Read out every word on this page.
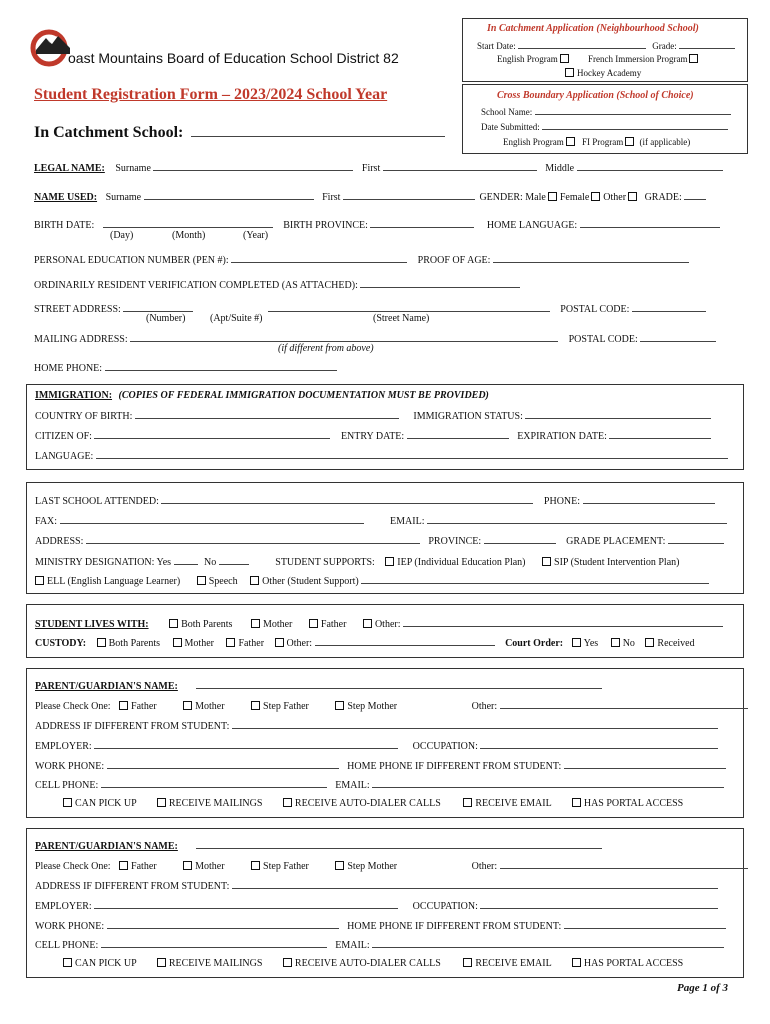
oast Mountains Board of Education School District 82
Student Registration Form – 2023/2024 School Year
In Catchment School:
In Catchment Application (Neighbourhood School)
Start Date:	Grade:
English Program	French Immersion Program
Hockey Academy
Cross Boundary Application (School of Choice)
School Name:
Date Submitted:
English Program FI Program (if applicable)
LEGAL NAME: Surname	First	Middle
NAME USED: Surname	First	GENDER: Male Female Other GRADE:
BIRTH DATE:	BIRTH PROVINCE:	HOME LANGUAGE:
(Day)	(Month)	(Year)
PERSONAL EDUCATION NUMBER (PEN #):	PROOF OF AGE:
ORDINARILY RESIDENT VERIFICATION COMPLETED (AS ATTACHED):
STREET ADDRESS:	POSTAL CODE:
(Number) (Apt/Suite #)	(Street Name)
MAILING ADDRESS:	POSTAL CODE:
(if different from above)
HOME PHONE:
IMMIGRATION: (COPIES OF FEDERAL IMMIGRATION DOCUMENTATION MUST BE PROVIDED)
COUNTRY OF BIRTH:	IMMIGRATION STATUS:
CITIZEN OF:	ENTRY DATE:	EXPIRATION DATE:
LANGUAGE:
LAST SCHOOL ATTENDED:	PHONE:
FAX:	EMAIL:
ADDRESS:	PROVINCE:	GRADE PLACEMENT:
MINISTRY DESIGNATION: Yes	No	STUDENT SUPPORTS: IEP (Individual Education Plan)	SIP (Student Intervention Plan)
ELL (English Language Learner)	Speech Other (Student Support)
STUDENT LIVES WITH:	Both Parents	Mother	Father	Other:
CUSTODY: Both Parents Mother Father Other:	Court Order: Yes No Received
PARENT/GUARDIAN'S NAME:
Please Check One: Father	Mother	Step Father	Step Mother	Other:
ADDRESS IF DIFFERENT FROM STUDENT:
EMPLOYER:	OCCUPATION:
WORK PHONE:	HOME PHONE IF DIFFERENT FROM STUDENT:
CELL PHONE:	EMAIL:
CAN PICK UP	RECEIVE MAILINGS	RECEIVE AUTO-DIALER CALLS	RECEIVE EMAIL	HAS PORTAL ACCESS
PARENT/GUARDIAN'S NAME:
Please Check One: Father	Mother	Step Father	Step Mother	Other:
ADDRESS IF DIFFERENT FROM STUDENT:
EMPLOYER:	OCCUPATION:
WORK PHONE:	HOME PHONE IF DIFFERENT FROM STUDENT:
CELL PHONE:	EMAIL:
CAN PICK UP	RECEIVE MAILINGS	RECEIVE AUTO-DIALER CALLS	RECEIVE EMAIL	HAS PORTAL ACCESS
Page 1 of 3
